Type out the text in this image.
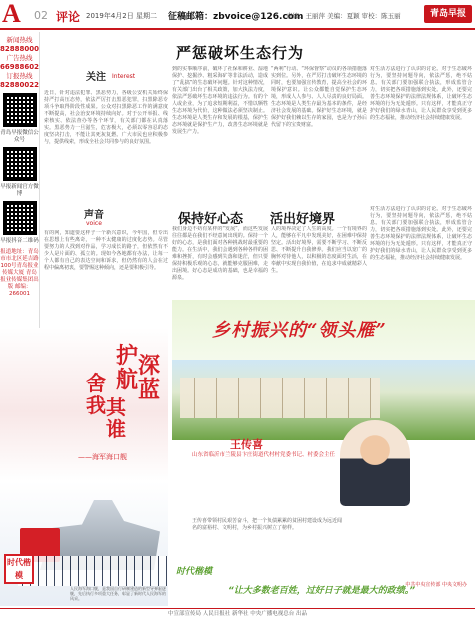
A	02 评论 2019年4月2日 星期二 征稿邮箱：zbvoice@126.com
责编：王丽萍 美编：夏颖 审校：陈玉丽	青岛早报
新闻热线
82888000
广告热线
66988602
订报热线
82880022
青岛早报微信公众号
早报新闻官方微博
早报抖音二维码
报道地址：青岛市市北区延吉路100号青岛报业传媒大厦 青岛报业传媒集团出版 邮编：266001
关注 Interest
近日，针对违法犯罪、黑恶势力，各级公安机关始终保持严打高压态势，依法严厉打击黑恶犯罪，扫黑除恶专项斗争取得阶段性成果。公众对扫黑除恶工作的满意度不断提高，社会治安环境持续向好。对于公开举报、线索核实、依法查办等各个环节，有关部门都在认真落实。黑恶势力一旦滋生，危害极大，必须以零容忍的态度坚决打击，不能让其死灰复燃。广大市民也应积极参与，提供线索，形成全社会共同参与的良好氛围。
声音
voice
有的网，知道要这样子一个新兴意识，今年国，但专出在思想上有些离奇，一种不太健康的过度化态势。尽管要努力的人找到对作品，学习成长的路子，但依然有不少人是片面的、孤立的。现如今各地都有办法，让每一个人都有自己的表达空间和诉求，但仍然有的人会在过程中偏离初衷，要警惕这种倾向，还是要积极引导。
严惩破坏生态行为
到的实事顺序前，破坏了社保和耕业、湿地保护、挖掘沙、粗采海矿等非法活动，造成了“乱搞”的生态破坏问题。针对这种情况，有关部门出台了相关政策，加大执法力度，依法严惩破坏生态环境的违法行为。有的个人或企业，为了追求短期利益，不惜以牺牲生态环境为代价，这种做法必须坚决制止。生态环境是人类生存和发展的根基，保护生态环境就是保护生产力，改善生态环境就是发展生产力。
“两利”行动、“环保督察”动员的各项措施落实到位。另外，在严厉打击破坏生态环境的同时，也要加强宣传教育，提高全社会的环境保护意识。让公众都能自觉保护生态环境，形成人人参与、人人尽责的良好局面。生态环境是人类生存最为基本的条件，是经济社会发展的基础。保护好生态环境，就是保护好我们赖以生存的家园，也是为子孙后代留下的宝贵财富。
对生活方法进行了认识的讨论。对于生态破坏行为，要坚持问题导向，依法严惩，绝不姑息。有关部门要加强联合执法，形成监管合力，切实把各项措施落到实处。此外，还要完善生态环境保护的法律法规体系，让破坏生态环境的行为无处遁形。只有这样，才能真正守护好我们的绿水青山，让人民群众享受到更多的生态福祉，推动经济社会持续健康发展。
保持好心态
我们身边不妨有某样的“发展”，而这些发展往往都是在我们不经意间出现的。保持一个好的心态，是我们面对各种挑战时最重要的能力。在生活中，我们会遇到各种各样的困难和挫折，有时会感到失落和迷茫，但只要保持积极乐观的心态，就能够克服困难，走出困境。好心态是成功的基础，也是幸福的源泉。
活出好境界
人的境界决定了人生的高度。一个有境界的人，能够在平凡中发现美好，在困难中保持坚定。活出好境界，需要不断学习、不断反思、不断提升自我修养。我们应当以宽广的胸怀对待他人，以积极的态度面对生活，在奉献中实现自我价值，在追求中成就精彩人生。
对生活方法进行了认识的讨论。对于生态破坏行为，要坚持问题导向，依法严惩，绝不姑息。有关部门要加强联合执法，形成监管合力，切实把各项措施落到实处。此外，还要完善生态环境保护的法律法规体系，让破坏生态环境的行为无处遁形。只有这样，才能真正守护好我们的绿水青山，让人民群众享受到更多的生态福祉，推动经济社会持续健康发展。
护
航
深
蓝
舍
我 其
谁
——海军海口舰
时代楷模
人民海军海口舰，是我国自行研制建造的新型导弹驱逐舰，先后执行多项重大任务，彰显了新时代人民海军的风采。
乡村振兴的“领头雁”
王传喜
山东省临沂市兰陵县卞庄街道代村村党委书记、村委会主任
王传喜带领村民艰苦奋斗，把一个负债累累的贫困村建设成为远近闻名的富裕村、文明村，为乡村振兴树立了榜样。
时代楷模
“让大多数老百姓，过好日子就是最大的政绩。”
中共中央宣传部 中央文明办
中宣部宣传局 人民日报社 新华社 中央广播电视总台 出品
